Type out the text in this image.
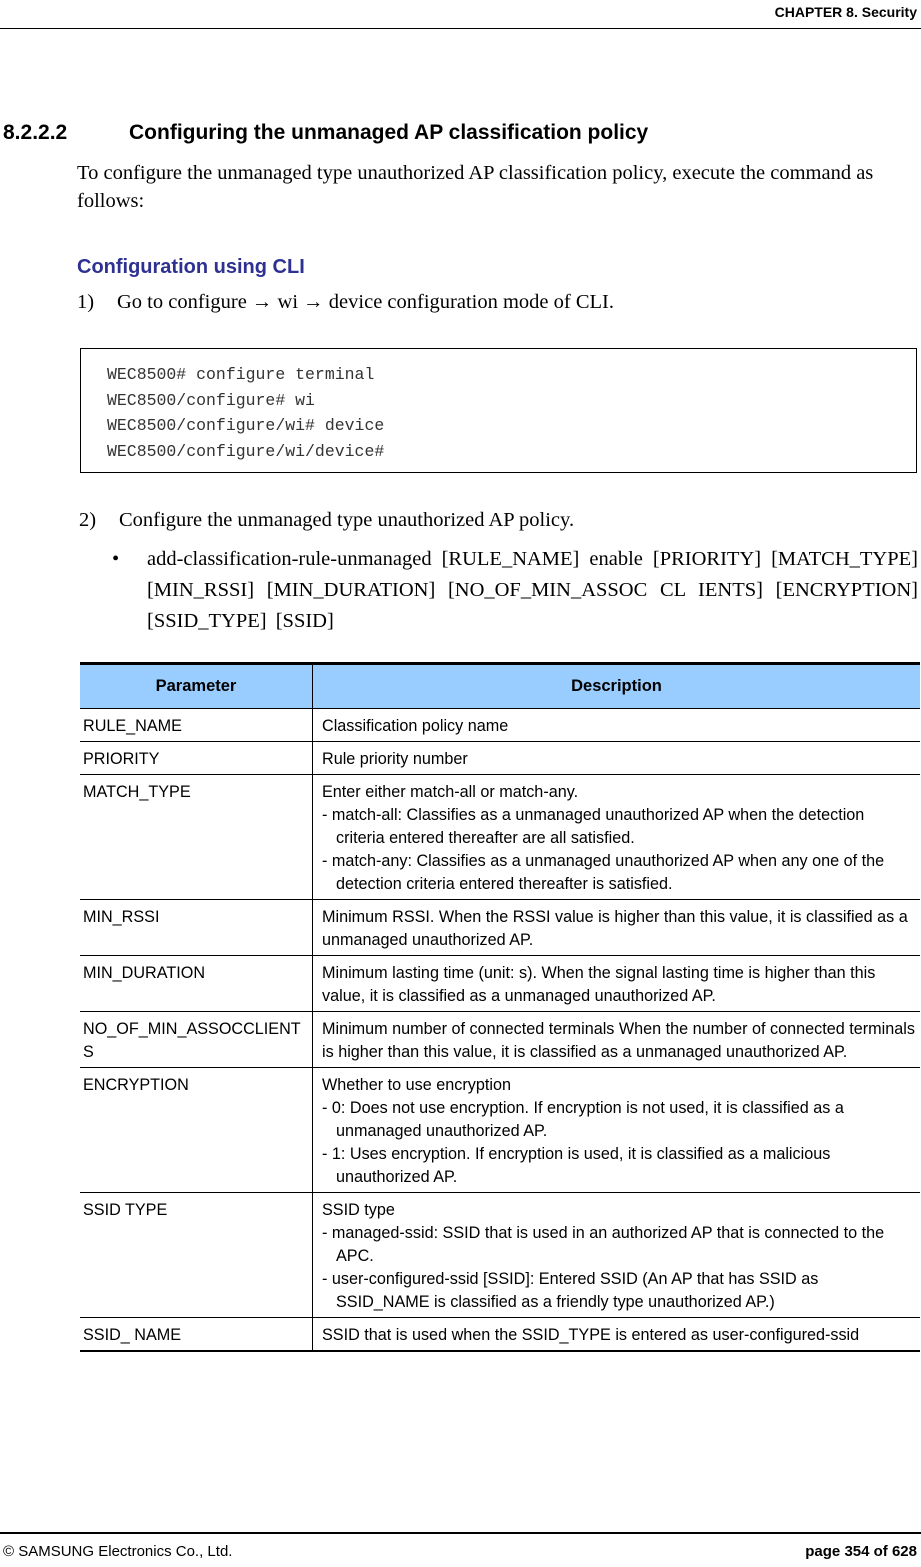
CHAPTER 8. Security
8.2.2.2	Configuring the unmanaged AP classification policy
To configure the unmanaged type unauthorized AP classification policy, execute the command as follows:
Configuration using CLI
1) Go to configure → wi → device configuration mode of CLI.
WEC8500# configure terminal
WEC8500/configure# wi
WEC8500/configure/wi# device
WEC8500/configure/wi/device#
2) Configure the unmanaged type unauthorized AP policy.
• add-classification-rule-unmanaged [RULE_NAME] enable [PRIORITY] [MATCH_TYPE] [MIN_RSSI] [MIN_DURATION] [NO_OF_MIN_ASSOC CL IENTS] [ENCRYPTION] [SSID_TYPE] [SSID]
Parameter	Description
RULE_NAME	Classification policy name

PRIORITY	Rule priority number

MATCH_TYPE	Enter either match-all or match-any.
- match-all: Classifies as a unmanaged unauthorized AP when the detection criteria entered thereafter are all satisfied.
- match-any: Classifies as a unmanaged unauthorized AP when any one of the detection criteria entered thereafter is satisfied.

MIN_RSSI	Minimum RSSI. When the RSSI value is higher than this value, it is classified as a unmanaged unauthorized AP.

MIN_DURATION	Minimum lasting time (unit: s). When the signal lasting time is higher than this value, it is classified as a unmanaged unauthorized AP.

NO_OF_MIN_ASSOCCLIENTS	Minimum number of connected terminals When the number of connected terminals is higher than this value, it is classified as a unmanaged unauthorized AP.

ENCRYPTION	Whether to use encryption
- 0: Does not use encryption. If encryption is not used, it is classified as a unmanaged unauthorized AP.
- 1: Uses encryption. If encryption is used, it is classified as a malicious unauthorized AP.

SSID TYPE	SSID type
- managed-ssid: SSID that is used in an authorized AP that is connected to the APC.
- user-configured-ssid [SSID]: Entered SSID (An AP that has SSID as SSID_NAME is classified as a friendly type unauthorized AP.)

SSID_ NAME	SSID that is used when the SSID_TYPE is entered as user-configured-ssid
© SAMSUNG Electronics Co., Ltd.	page 354 of 628
